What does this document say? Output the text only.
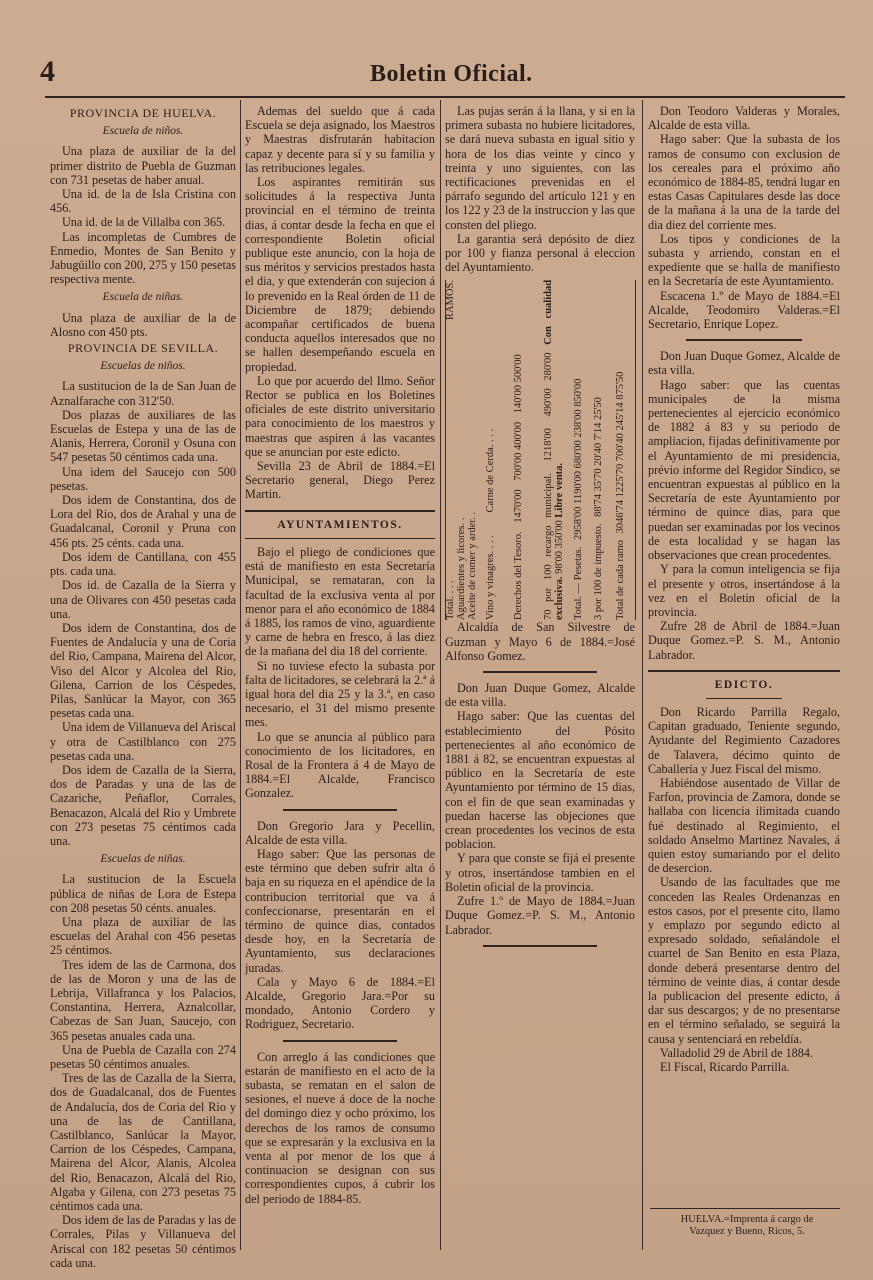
4	Boletin Oficial.

PROVINCIA DE HUELVA.

Escuela de niños.

Una plaza de auxiliar de la del primer distrito de Puebla de Guzman con 731 pesetas de haber anual.

Una id. de la de Isla Cristina con 456.

Una id. de la de Villalba con 365.

Las incompletas de Cumbres de Enmedio, Montes de San Benito y Jabugüillo con 200, 275 y 150 pesetas respectiva mente.

Escuela de niñas.

Una plaza de auxiliar de la de Alosno con 450 pts.

PROVINCIA DE SEVILLA.

Escuelas de niños.

La sustitucion de la de San Juan de Aznalfarache con 312'50.

Dos plazas de auxiliares de las Escuelas de Estepa y una de las de Alanis, Herrera, Coronil y Osuna con 547 pesetas 50 céntimos cada una.

Una idem del Saucejo con 500 pesetas.

Dos idem de Constantina, dos de Lora del Rio, dos de Arahal y una de Guadalcanal, Coronil y Pruna con 456 pts. 25 cénts. cada una.

Dos idem de Cantillana, con 455 pts. cada una.

Dos id. de Cazalla de la Sierra y una de Olivares con 450 pesetas cada una.

Dos idem de Constantina, dos de Fuentes de Andalucía y una de Coria del Rio, Campana, Mairena del Alcor, Viso del Alcor y Alcolea del Rio, Gilena, Carrion de los Céspedes, Pilas, Sanlúcar la Mayor, con 365 pesetas cada una.

Una idem de Villanueva del Ariscal y otra de Castilblanco con 275 pesetas cada una.

Dos idem de Cazalla de la Sierra, dos de Paradas y una de las de Cazariche, Peñaflor, Corrales, Benacazon, Alcalá del Rio y Umbrete con 273 pesetas 75 céntimos cada una.

Escuelas de niñas.

La sustitucion de la Escuela pública de niñas de Lora de Estepa con 208 pesetas 50 cénts. anuales.

Una plaza de auxiliar de las escuelas del Arahal con 456 pesetas 25 céntimos.

Tres idem de las de Carmona, dos de las de Moron y una de las de Lebrija, Villafranca y los Palacios, Constantina, Herrera, Aznalcollar, Cabezas de San Juan, Saucejo, con 365 pesetas anuales cada una.

Una de Puebla de Cazalla con 274 pesetas 50 céntimos anuales.

Tres de las de Cazalla de la Sierra, dos de Guadalcanal, dos de Fuentes de Andalucía, dos de Coria del Rio y una de las de Cantillana, Castilblanco, Sanlúcar la Mayor, Carrion de los Céspedes, Campana, Mairena del Alcor, Alanis, Alcolea del Rio, Benacazon, Alcalá del Rio, Algaba y Gilena, con 273 pesetas 75 céntimos cada una.

Dos idem de las de Paradas y las de Corrales, Pilas y Villanueva del Ariscal con 182 pesetas 50 céntimos cada una.

Ademas del sueldo que á cada Escuela se deja asignado, los Maestros y Maestras disfrutarán habitacion capaz y decente para sí y su familia y las retribuciones legales.

Los aspirantes remitirán sus solicitudes á la respectiva Junta provincial en el término de treinta dias, á contar desde la fecha en que el correspondiente Boletin oficial publique este anuncio, con la hoja de sus méritos y servicios prestados hasta el dia, y que extenderán con sujecion á lo prevenido en la Real órden de 11 de Diciembre de 1879; debiendo acompañar certificados de buena conducta aquellos interesados que no se hallen desempeñando escuela en propiedad.

Lo que por acuerdo del Ilmo. Señor Rector se publica en los Boletines oficiales de este distrito universitario para conocimiento de los maestros y maestras que aspiren á las vacantes que se anuncian por este edicto.

Sevilla 23 de Abril de 1884.=El Secretario general, Diego Perez Martin.

AYUNTAMIENTOS.

Bajo el pliego de condiciones que está de manifiesto en esta Secretaría Municipal, se remataran, con la facultad de la exclusiva venta al por menor para el año económico de 1884 á 1885, los ramos de vino, aguardiente y carne de hebra en fresco, á las diez de la mañana del dia 18 del corriente.

Si no tuviese efecto la subasta por falta de licitadores, se celebrará la 2.ª á igual hora del dia 25 y la 3.ª, en caso necesario, el 31 del mismo presente mes.

Lo que se anuncia al público para conocimiento de los licitadores, en Rosal de la Frontera á 4 de Mayo de 1884.=El Alcalde, Francisco Gonzalez.

Don Gregorio Jara y Pecellin, Alcalde de esta villa.

Hago saber: Que las personas de este término que deben sufrir alta ó baja en su riqueza en el apéndice de la contribucion territorial que va á confeccionarse, presentarán en el término de quince dias, contados desde hoy, en la Secretaría de Ayuntamiento, sus declaraciones juradas.

Cala y Mayo 6 de 1884.=El Alcalde, Gregorio Jara.=Por su mondado, Antonio Cordero y Rodriguez, Secretario.

Con arreglo á las condiciones que estarán de manifiesto en el acto de la subasta, se rematan en el salon de sesiones, el nueve á doce de la noche del domingo diez y ocho próximo, los derechos de los ramos de consumo que se expresarán y la exclusiva en la venta al por menor de los que á continuacion se designan con sus correspondientes cupos, á cubrir los del periodo de 1884-85.

Las pujas serán á la llana, y si en la primera subasta no hubiere licitadores, se dará nueva subasta en igual sitio y hora de los dias veinte y cinco y treinta y uno siguientes, con las rectificaciones prevenidas en el párrafo segundo del artículo 121 y en los 122 y 23 de la instruccion y las que consten del pliego.

La garantia será depósito de diez por 100 y fianza personal á eleccion del Ayuntamiento.

Total. . . .
RAMOS.
Aguardientes y licores. . Aceite de comer y arder. . Vino y vinagres. . . . Carne de Cerda. . . .
Derechos del Tesoro. 1470'00 700'00 400'00 140'00 500'00
70 por 100 recargo municipal. 1218'00 490'00 280'00 Con cualidad exclusiva. 98'00 350'00 Libre venta.
Total. — Pesetas. 2958'00 1190'00 680'00 238'00 850'00
3 por 100 de impuesto. 88'74 35'70 20'40 7'14 25'50
Total de cada ramo 3046'74 1225'70 700'40 245'14 875'50

Alcaldía de San Silvestre de Guzman y Mayo 6 de 1884.=José Alfonso Gomez.

Don Juan Duque Gomez, Alcalde de esta villa.

Hago saber: Que las cuentas del establecimiento del Pósito pertenecientes al año económico de 1881 á 82, se encuentran expuestas al público en la Secretaría de este Ayuntamiento por término de 15 dias, con el fin de que sean examinadas y puedan hacerse las objeciones que crean procedentes los vecinos de esta poblacion.

Y para que conste se fijá el presente y otros, insertándose tambien en el Boletin oficial de la provincia.

Zufre 1.º de Mayo de 1884.=Juan Duque Gomez.=P. S. M., Antonio Labrador.

Don Teodoro Valderas y Morales, Alcalde de esta villa.

Hago saber: Que la subasta de los ramos de consumo con exclusion de los cereales para el próximo año económico de 1884-85, tendrá lugar en estas Casas Capitulares desde las doce de la mañana á la una de la tarde del dia diez del corriente mes.

Los tipos y condiciones de la subasta y arriendo, constan en el expediente que se halla de manifiesto en la Secretaría de este Ayuntamiento.

Escacena 1.º de Mayo de 1884.=El Alcalde, Teodomiro Valderas.=El Secretario, Enrique Lopez.

Don Juan Duque Gomez, Alcalde de esta villa.

Hago saber: que las cuentas municipales de la misma pertenecientes al ejercicio económico de 1882 á 83 y su periodo de ampliacion, fijadas definitivamente por el Ayuntamiento de mi presidencia, prévio informe del Regidor Síndico, se encuentran expuestas al público en la Secretaría de este Ayuntamiento por término de quince dias, para que puedan ser examinadas por los vecinos de esta localidad y se hagan las observaciones que crean procedentes.

Y para la comun inteligencia se fija el presente y otros, insertándose á la vez en el Boletin oficial de la provincia.

Zufre 28 de Abril de 1884.=Juan Duque Gomez.=P. S. M., Antonio Labrador.

EDICTO.

Don Ricardo Parrilla Regalo, Capitan graduado, Teniente segundo, Ayudante del Regimiento Cazadores de Talavera, décimo quinto de Caballería y Juez Fiscal del mismo.

Habiéndose ausentado de Villar de Farfon, provincia de Zamora, donde se hallaba con licencia ilimitada cuando fué destinado al Regimiento, el soldado Anselmo Martinez Navales, á quien estoy sumariando por el delito de desercion.

Usando de las facultades que me conceden las Reales Ordenanzas en estos casos, por el presente cito, llamo y emplazo por segundo edicto al expresado soldado, señalándole el cuartel de San Benito en esta Plaza, donde deberá presentarse dentro del término de veinte dias, á contar desde la publicacion del presente edicto, á dar sus descargos; y de no presentarse en el término señalado, se seguirá la causa y sentenciará en rebeldía.

Valladolid 29 de Abril de 1884.

El Fiscal, Ricardo Parrilla.

HUELVA.=Imprenta á cargo de
Vazquez y Bueno, Ricos, 5.
